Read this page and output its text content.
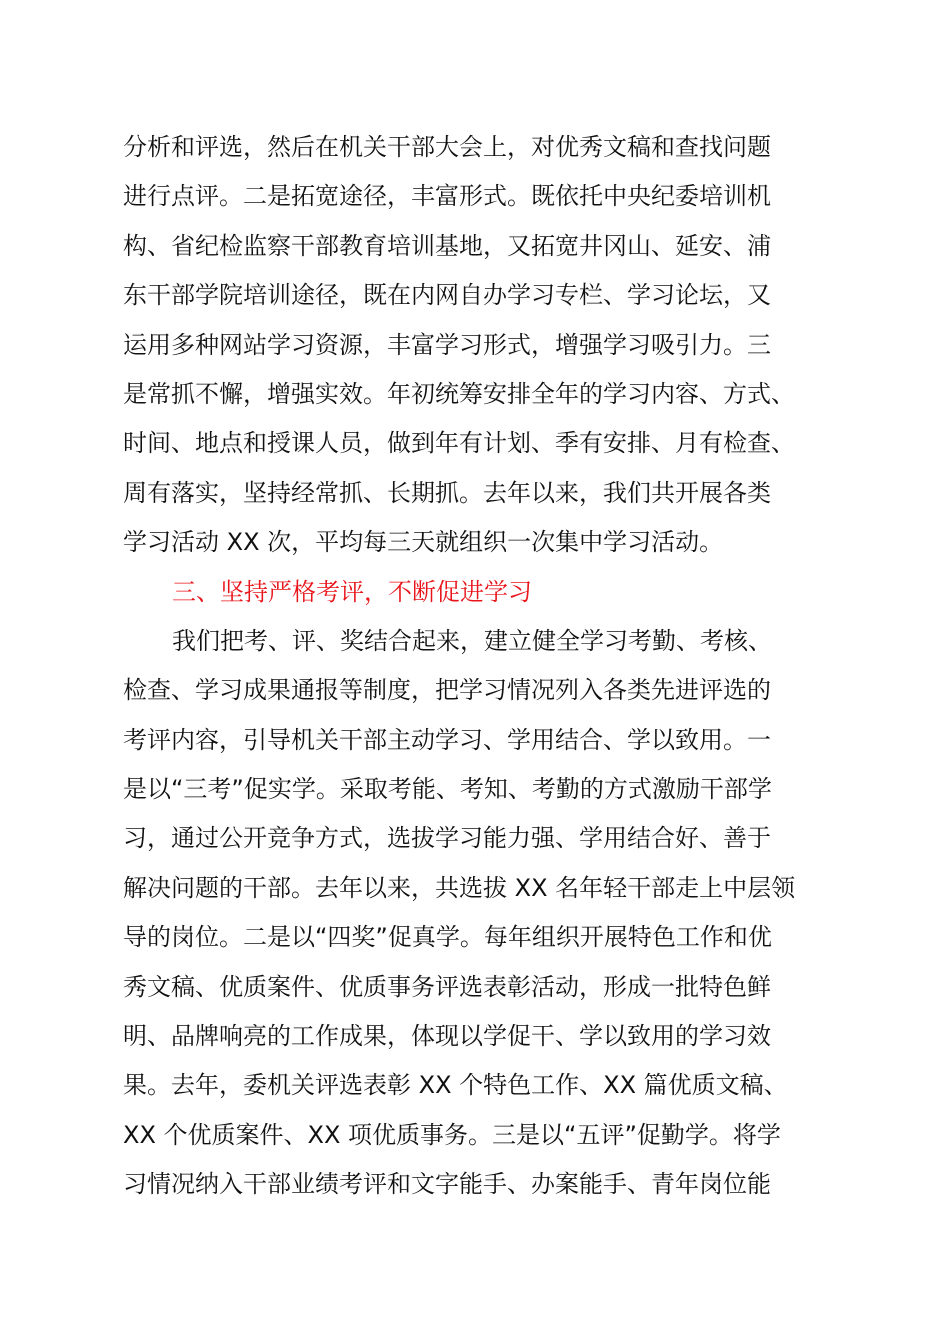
分析和评选，然后在机关干部大会上，对优秀文稿和查找问题
进行点评。二是拓宽途径，丰富形式。既依托中央纪委培训机
构、省纪检监察干部教育培训基地，又拓宽井冈山、延安、浦
东干部学院培训途径，既在内网自办学习专栏、学习论坛，又
运用多种网站学习资源，丰富学习形式，增强学习吸引力。三
是常抓不懈，增强实效。年初统筹安排全年的学习内容、方式、
时间、地点和授课人员，做到年有计划、季有安排、月有检查、
周有落实，坚持经常抓、长期抓。去年以来，我们共开展各类
学习活动 XX 次，平均每三天就组织一次集中学习活动。
三、坚持严格考评，不断促进学习
我们把考、评、奖结合起来，建立健全学习考勤、考核、
检查、学习成果通报等制度，把学习情况列入各类先进评选的
考评内容，引导机关干部主动学习、学用结合、学以致用。一
是以“三考”促实学。采取考能、考知、考勤的方式激励干部学
习，通过公开竞争方式，选拔学习能力强、学用结合好、善于
解决问题的干部。去年以来，共选拔 XX 名年轻干部走上中层领
导的岗位。二是以“四奖”促真学。每年组织开展特色工作和优
秀文稿、优质案件、优质事务评选表彰活动，形成一批特色鲜
明、品牌响亮的工作成果，体现以学促干、学以致用的学习效
果。去年，委机关评选表彰 XX 个特色工作、XX 篇优质文稿、
XX 个优质案件、XX 项优质事务。三是以“五评”促勤学。将学
习情况纳入干部业绩考评和文字能手、办案能手、青年岗位能
